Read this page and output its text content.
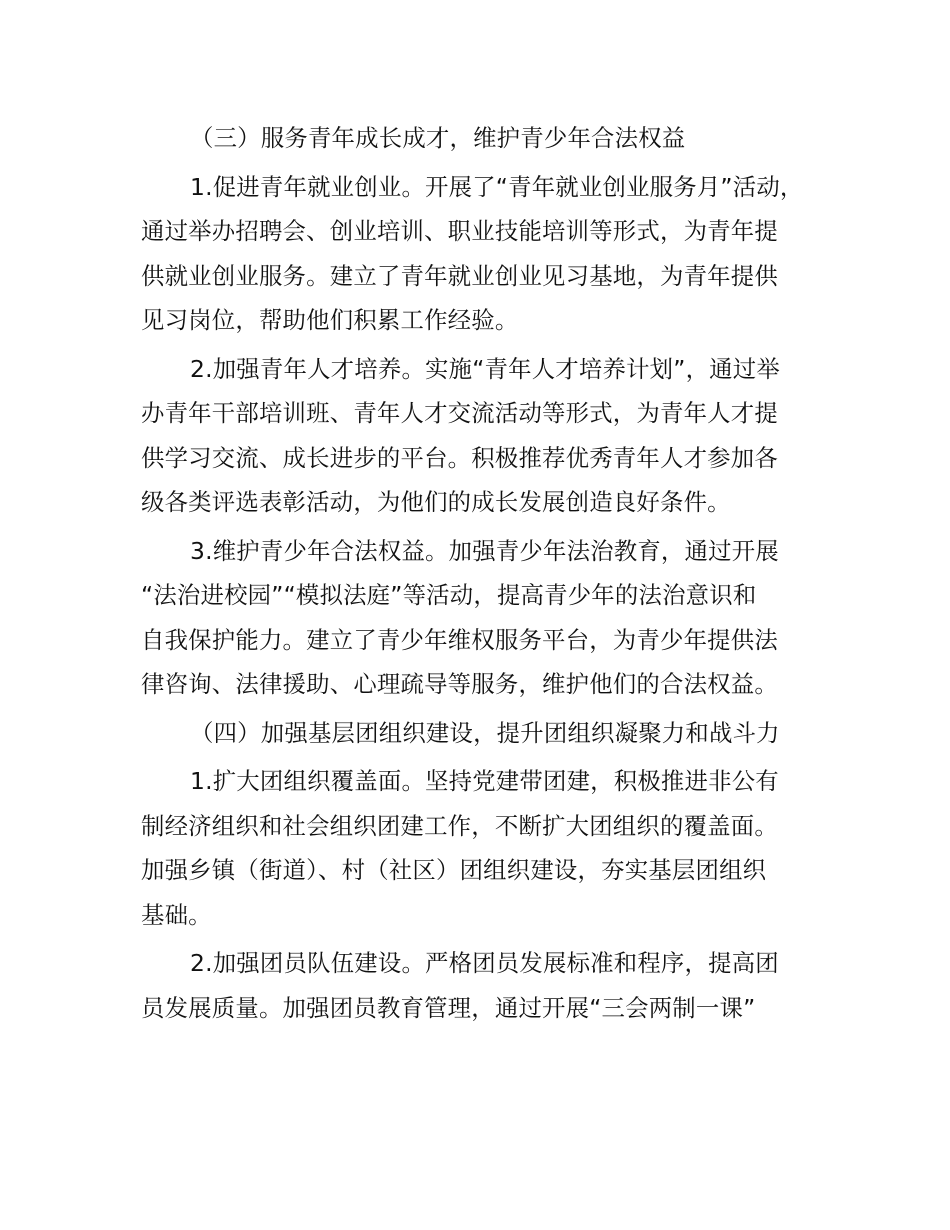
（三）服务青年成长成才，维护青少年合法权益

1.促进青年就业创业。开展了“青年就业创业服务月”活动，
通过举办招聘会、创业培训、职业技能培训等形式，为青年提
供就业创业服务。建立了青年就业创业见习基地，为青年提供
见习岗位，帮助他们积累工作经验。

2.加强青年人才培养。实施“青年人才培养计划”，通过举
办青年干部培训班、青年人才交流活动等形式，为青年人才提
供学习交流、成长进步的平台。积极推荐优秀青年人才参加各
级各类评选表彰活动，为他们的成长发展创造良好条件。

3.维护青少年合法权益。加强青少年法治教育，通过开展
“法治进校园”“模拟法庭”等活动，提高青少年的法治意识和
自我保护能力。建立了青少年维权服务平台，为青少年提供法
律咨询、法律援助、心理疏导等服务，维护他们的合法权益。

（四）加强基层团组织建设，提升团组织凝聚力和战斗力

1.扩大团组织覆盖面。坚持党建带团建，积极推进非公有
制经济组织和社会组织团建工作，不断扩大团组织的覆盖面。
加强乡镇（街道）、村（社区）团组织建设，夯实基层团组织
基础。

2.加强团员队伍建设。严格团员发展标准和程序，提高团
员发展质量。加强团员教育管理，通过开展“三会两制一课”
